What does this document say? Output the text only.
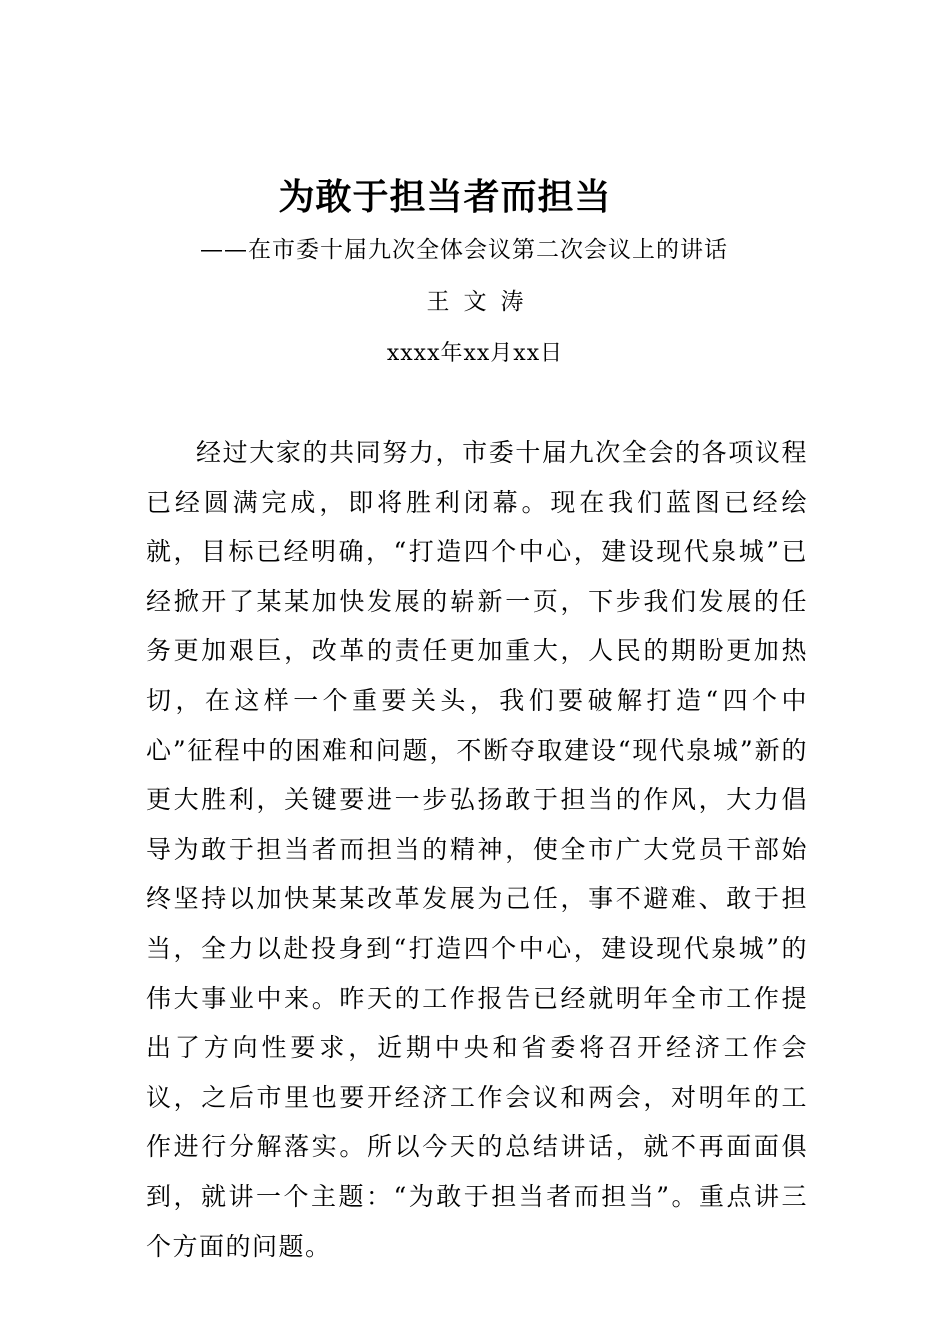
为敢于担当者而担当
——在市委十届九次全体会议第二次会议上的讲话
王文涛
xxxx年xx月xx日

经过大家的共同努力，市委十届九次全会的各项议程已经圆满完成，即将胜利闭幕。现在我们蓝图已经绘就，目标已经明确，“打造四个中心，建设现代泉城”已经掀开了某某加快发展的崭新一页，下步我们发展的任务更加艰巨，改革的责任更加重大，人民的期盼更加热切，在这样一个重要关头，我们要破解打造“四个中心”征程中的困难和问题，不断夺取建设“现代泉城”新的更大胜利，关键要进一步弘扬敢于担当的作风，大力倡导为敢于担当者而担当的精神，使全市广大党员干部始终坚持以加快某某改革发展为己任，事不避难、敢于担当，全力以赴投身到“打造四个中心，建设现代泉城”的伟大事业中来。昨天的工作报告已经就明年全市工作提出了方向性要求，近期中央和省委将召开经济工作会议，之后市里也要开经济工作会议和两会，对明年的工作进行分解落实。所以今天的总结讲话，就不再面面俱到，就讲一个主题：“为敢于担当者而担当”。重点讲三个方面的问题。
